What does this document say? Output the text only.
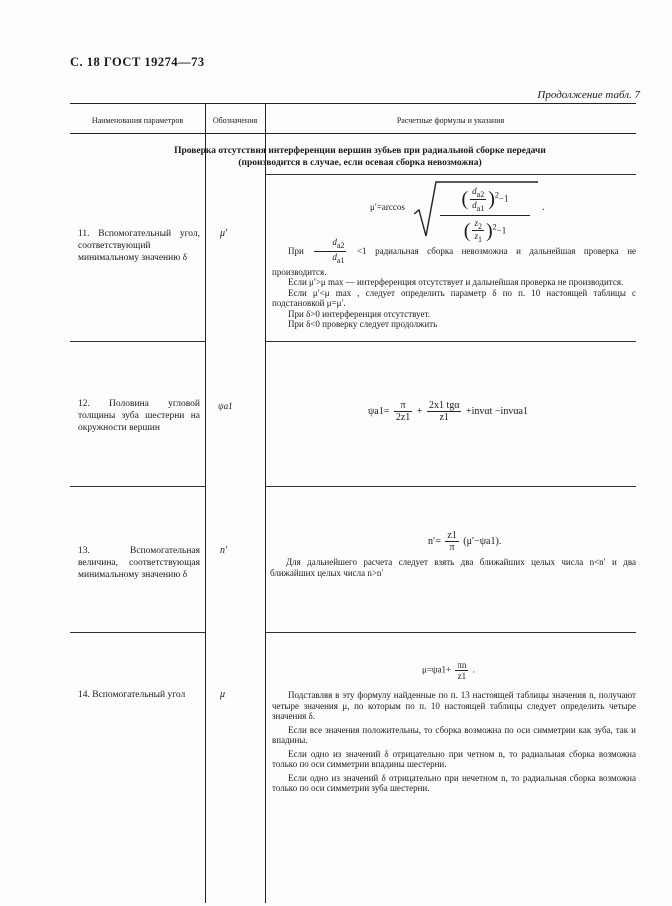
С. 18 ГОСТ 19274—73
Продолжение табл. 7
Наименования параметров	Обозначения	Расчетные формулы и указания
Проверка отсутствия интерференции вершин зубьев при радиальной сборке передачи
(производится в случае, если осевая сборка невозможна)
11. Вспомогательный угол, соответствующий минимальному значению δ
μ′
μ′=arccos	( $\frac{d_{a2}}{d_{a1}} )^2-1$
( $\frac{z_2}{z_1} )^2-1$
.
При $\frac{d_{a2}}{d_{a1}} <1$ радиальная сборка невозможна и дальнейшая проверка не производится.
Если μ′>μ max — интерференция отсутствует и дальнейшая проверка не производится.
Если μ′<μ max , следует определить параметр δ по п. 10 настоящей таблицы с подстановкой μ=μ′.
При δ>0 интерференция отсутствует.
При δ<0 проверку следует продолжить
12. Половина угловой толщины зуба шестерни на окружности вершин
ψa1	$\psi a1= \frac{\pi}{2z1} + \frac{\text{2x1 tgα}}{z1} +inv\alpha t -inv\alpha a1$
13. Вспомогательная величина, соответствующая минимальному значению δ
n′
$n'= \frac{z1}{\pi} (\mu'-\psi a1)$.
Для дальнейшего расчета следует взять два ближайших целых числа n<n′ и два ближайших целых числа n>n′
14. Вспомогательный угол	μ
$\mu=\psi a1+ \frac{\pi n}{z1}$ .
Подставляя в эту формулу найденные по п. 13 настоящей таблицы значения n, получают четыре значения μ, по которым по п. 10 настоящей таблицы следует определить четыре значения δ.
Если все значения положительны, то сборка возможна по оси симметрии как зуба, так и впадины.
Если одно из значений δ отрицательно при четном n, то радиальная сборка возможна только по оси симметрии впадины шестерни.
Если одно из значений δ отрицательно при нечетном n, то радиальная сборка возможна только по оси симметрии зуба шестерни.
